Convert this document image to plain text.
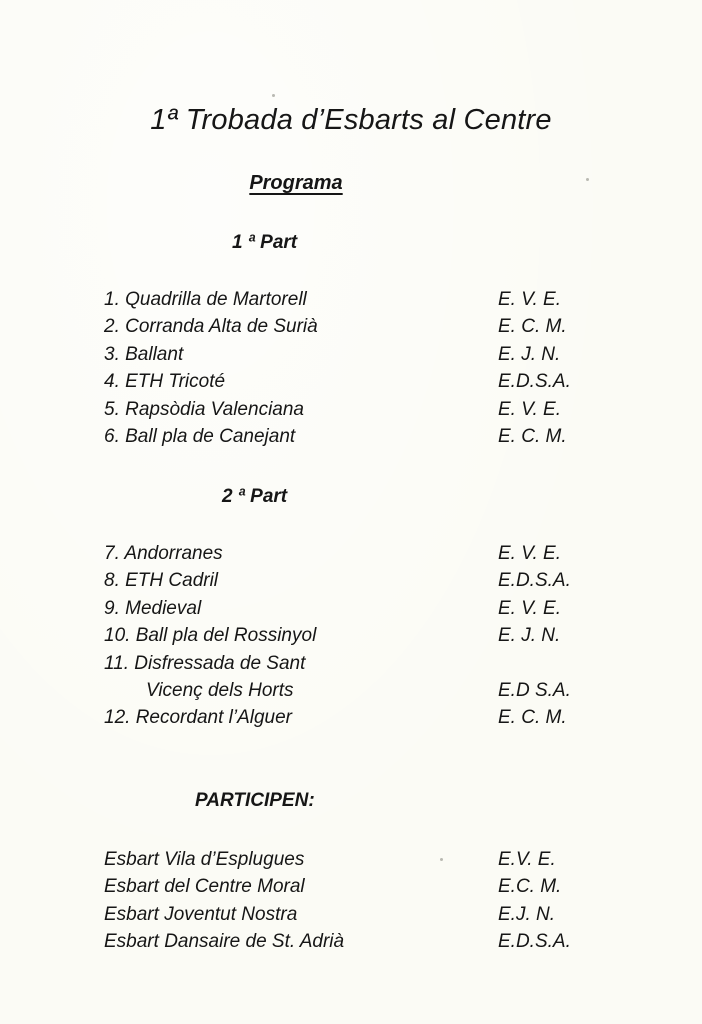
1ª Trobada d’Esbarts al Centre
Programa
1 ª Part
1. Quadrilla de Martorell	E. V. E.
2. Corranda Alta de Surià	E. C. M.
3. Ballant	E. J. N.
4. ETH Tricoté	E.D.S.A.
5. Rapsòdia Valenciana	E. V. E.
6. Ball pla de Canejant	E. C. M.
2 ª Part
7. Andorranes	E. V. E.
8. ETH Cadril	E.D.S.A.
9. Medieval	E. V. E.
10. Ball pla del Rossinyol	E. J. N.
11. Disfressada de Sant
Vicenç dels Horts	E.D S.A.
12. Recordant l’Alguer	E. C. M.
PARTICIPEN:
Esbart Vila d’Esplugues	E.V. E.
Esbart del Centre Moral	E.C. M.
Esbart Joventut Nostra	E.J. N.
Esbart Dansaire de St. Adrià	E.D.S.A.
